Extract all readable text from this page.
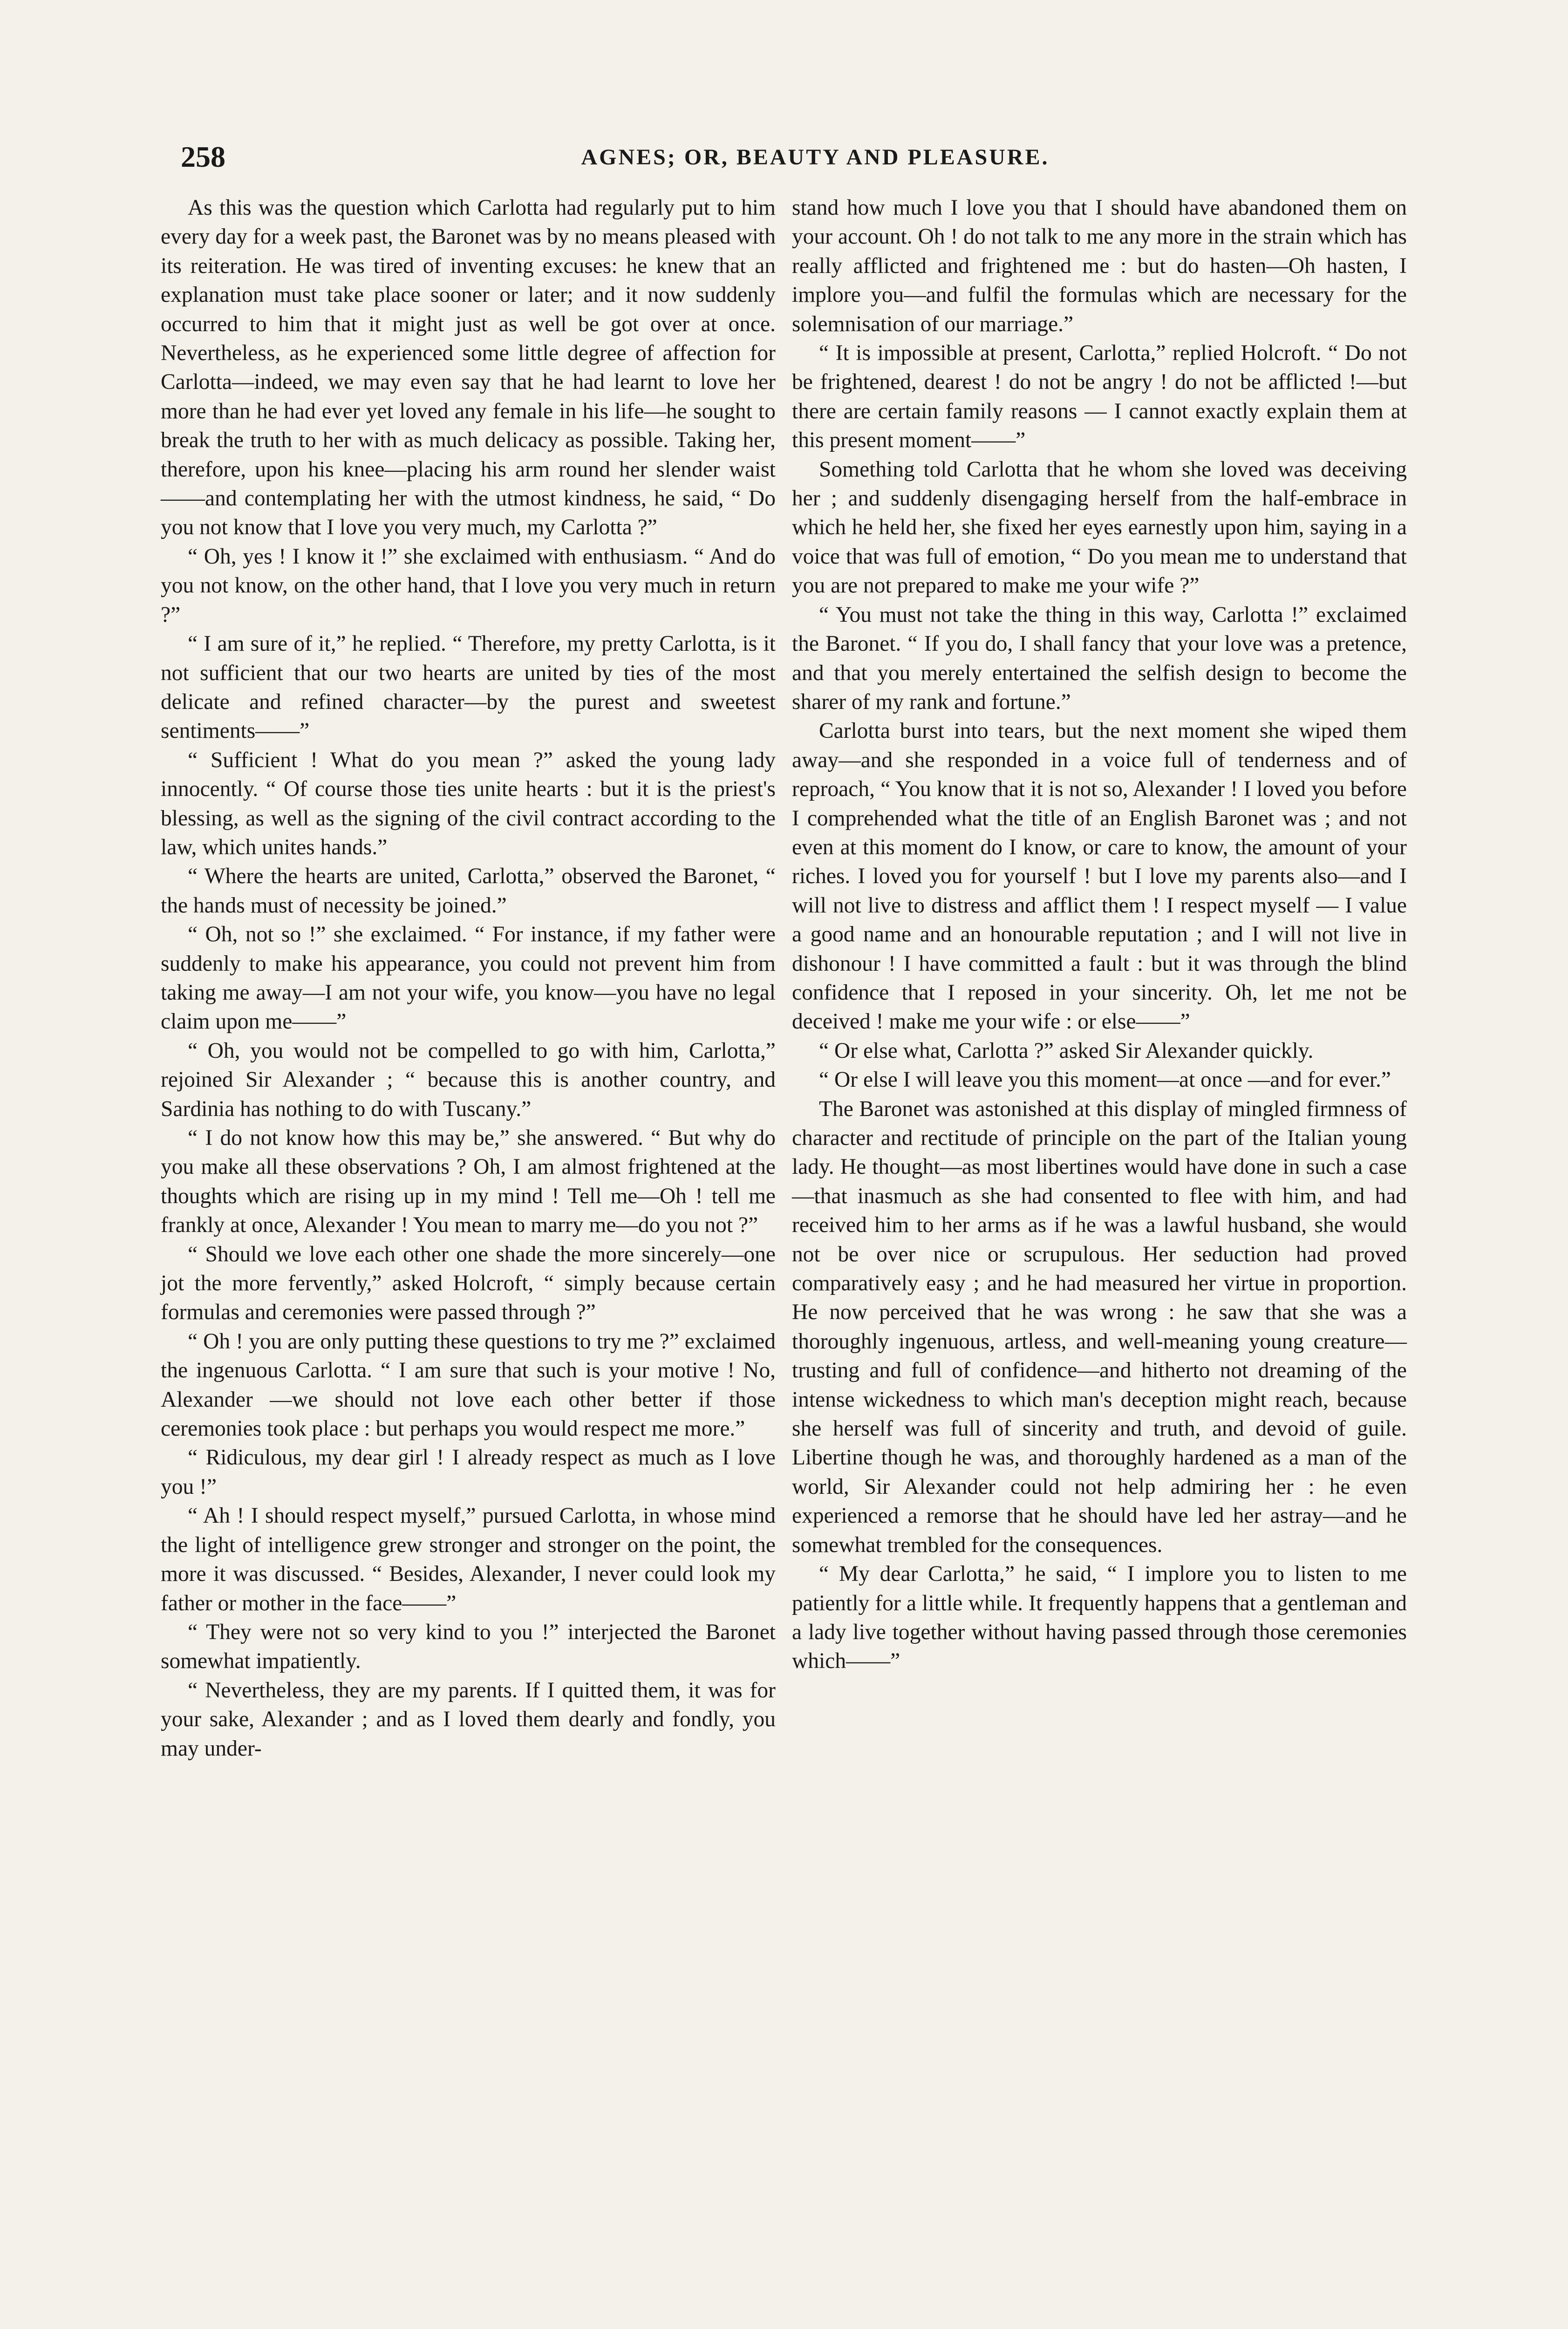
258	AGNES; OR, BEAUTY AND PLEASURE.

As this was the question which Carlotta had regularly put to him every day for a week past, the Baronet was by no means pleased with its reiteration. He was tired of inventing excuses: he knew that an explanation must take place sooner or later; and it now suddenly occurred to him that it might just as well be got over at once. Nevertheless, as he experienced some little degree of affection for Carlotta—indeed, we may even say that he had learnt to love her more than he had ever yet loved any female in his life—he sought to break the truth to her with as much delicacy as possible. Taking her, therefore, upon his knee—placing his arm round her slender waist——and contemplating her with the utmost kindness, he said, “ Do you not know that I love you very much, my Carlotta ?”

“ Oh, yes ! I know it !” she exclaimed with enthusiasm. “ And do you not know, on the other hand, that I love you very much in return ?”

“ I am sure of it,” he replied. “ Therefore, my pretty Carlotta, is it not sufficient that our two hearts are united by ties of the most delicate and refined character—by the purest and sweetest sentiments——”

“ Sufficient ! What do you mean ?” asked the young lady innocently. “ Of course those ties unite hearts : but it is the priest's blessing, as well as the signing of the civil contract according to the law, which unites hands.”

“ Where the hearts are united, Carlotta,” observed the Baronet, “ the hands must of necessity be joined.”

“ Oh, not so !” she exclaimed. “ For instance, if my father were suddenly to make his appearance, you could not prevent him from taking me away—I am not your wife, you know—you have no legal claim upon me——”

“ Oh, you would not be compelled to go with him, Carlotta,” rejoined Sir Alexander ; “ because this is another country, and Sardinia has nothing to do with Tuscany.”

“ I do not know how this may be,” she answered. “ But why do you make all these observations ? Oh, I am almost frightened at the thoughts which are rising up in my mind ! Tell me—Oh ! tell me frankly at once, Alexander ! You mean to marry me—do you not ?”

“ Should we love each other one shade the more sincerely—one jot the more fervently,” asked Holcroft, “ simply because certain formulas and ceremonies were passed through ?”

“ Oh ! you are only putting these questions to try me ?” exclaimed the ingenuous Carlotta. “ I am sure that such is your motive ! No, Alexander —we should not love each other better if those ceremonies took place : but perhaps you would respect me more.”

“ Ridiculous, my dear girl ! I already respect as much as I love you !”

“ Ah ! I should respect myself,” pursued Carlotta, in whose mind the light of intelligence grew stronger and stronger on the point, the more it was discussed. “ Besides, Alexander, I never could look my father or mother in the face——”

“ They were not so very kind to you !” interjected the Baronet somewhat impatiently.

“ Nevertheless, they are my parents. If I quitted them, it was for your sake, Alexander ; and as I loved them dearly and fondly, you may under-

stand how much I love you that I should have abandoned them on your account. Oh ! do not talk to me any more in the strain which has really afflicted and frightened me : but do hasten—Oh hasten, I implore you—and fulfil the formulas which are necessary for the solemnisation of our marriage.”

“ It is impossible at present, Carlotta,” replied Holcroft. “ Do not be frightened, dearest ! do not be angry ! do not be afflicted !—but there are certain family reasons — I cannot exactly explain them at this present moment——”

Something told Carlotta that he whom she loved was deceiving her ; and suddenly disengaging herself from the half-embrace in which he held her, she fixed her eyes earnestly upon him, saying in a voice that was full of emotion, “ Do you mean me to understand that you are not prepared to make me your wife ?”

“ You must not take the thing in this way, Carlotta !” exclaimed the Baronet. “ If you do, I shall fancy that your love was a pretence, and that you merely entertained the selfish design to become the sharer of my rank and fortune.”

Carlotta burst into tears, but the next moment she wiped them away—and she responded in a voice full of tenderness and of reproach, “ You know that it is not so, Alexander ! I loved you before I comprehended what the title of an English Baronet was ; and not even at this moment do I know, or care to know, the amount of your riches. I loved you for yourself ! but I love my parents also—and I will not live to distress and afflict them ! I respect myself — I value a good name and an honourable reputation ; and I will not live in dishonour ! I have committed a fault : but it was through the blind confidence that I reposed in your sincerity. Oh, let me not be deceived ! make me your wife : or else——”

“ Or else what, Carlotta ?” asked Sir Alexander quickly.

“ Or else I will leave you this moment—at once —and for ever.”

The Baronet was astonished at this display of mingled firmness of character and rectitude of principle on the part of the Italian young lady. He thought—as most libertines would have done in such a case—that inasmuch as she had consented to flee with him, and had received him to her arms as if he was a lawful husband, she would not be over nice or scrupulous. Her seduction had proved comparatively easy ; and he had measured her virtue in proportion. He now perceived that he was wrong : he saw that she was a thoroughly ingenuous, artless, and well-meaning young creature—trusting and full of confidence—and hitherto not dreaming of the intense wickedness to which man's deception might reach, because she herself was full of sincerity and truth, and devoid of guile. Libertine though he was, and thoroughly hardened as a man of the world, Sir Alexander could not help admiring her : he even experienced a remorse that he should have led her astray—and he somewhat trembled for the consequences.

“ My dear Carlotta,” he said, “ I implore you to listen to me patiently for a little while. It frequently happens that a gentleman and a lady live together without having passed through those ceremonies which——”
